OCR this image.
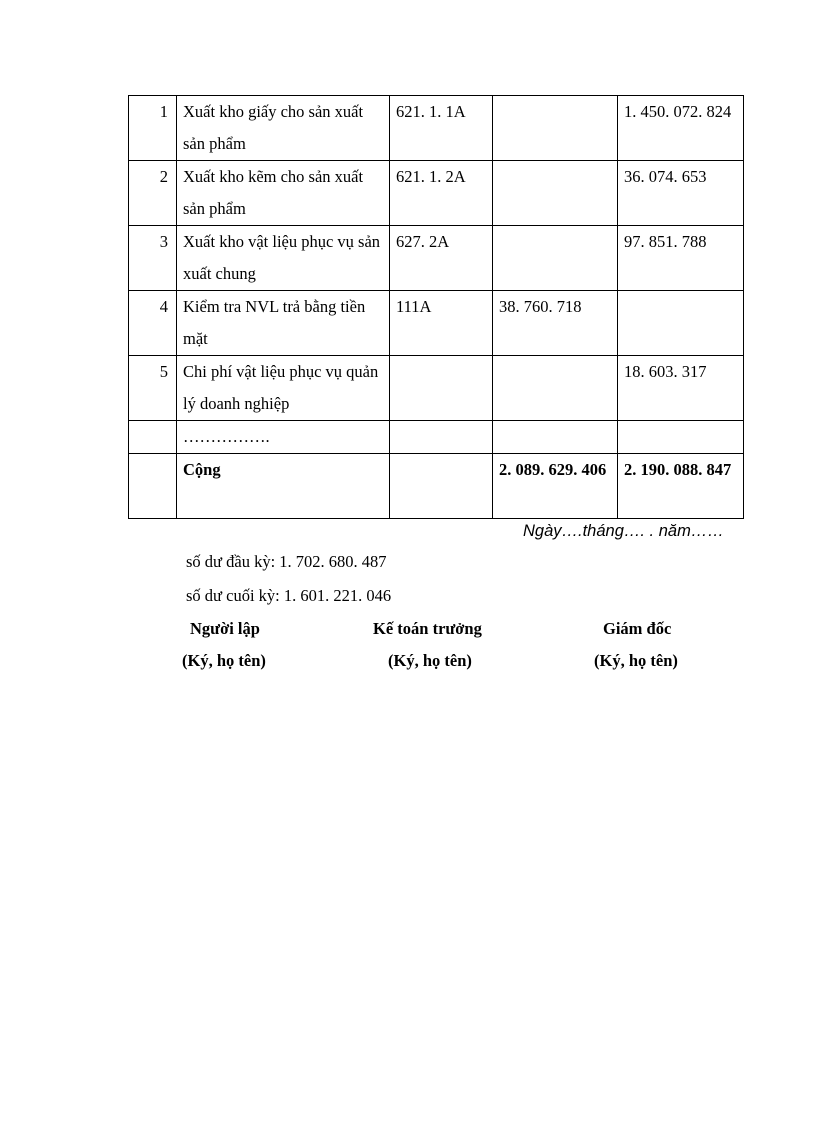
1	Xuất kho giấy cho sản xuất sản phẩm	621. 1. 1A		1. 450. 072. 824
2	Xuất kho kẽm cho sản xuất sản phẩm	621. 1. 2A		36. 074. 653
3	Xuất kho vật liệu phục vụ sản xuất chung	627. 2A		97. 851. 788
4	Kiểm tra NVL trả bằng tiền mặt	111A	38. 760. 718	
5	Chi phí vật liệu phục vụ quản lý doanh nghiệp			18. 603. 317
	…………….			
	Cộng		2. 089. 629. 406	2. 190. 088. 847
Ngày….tháng…. . năm……
số dư đầu kỳ: 1. 702. 680. 487
số dư cuối kỳ: 1. 601. 221. 046
Người lập
(Ký, họ tên)
Kế toán trưởng
(Ký, họ tên)
Giám đốc
(Ký, họ tên)
